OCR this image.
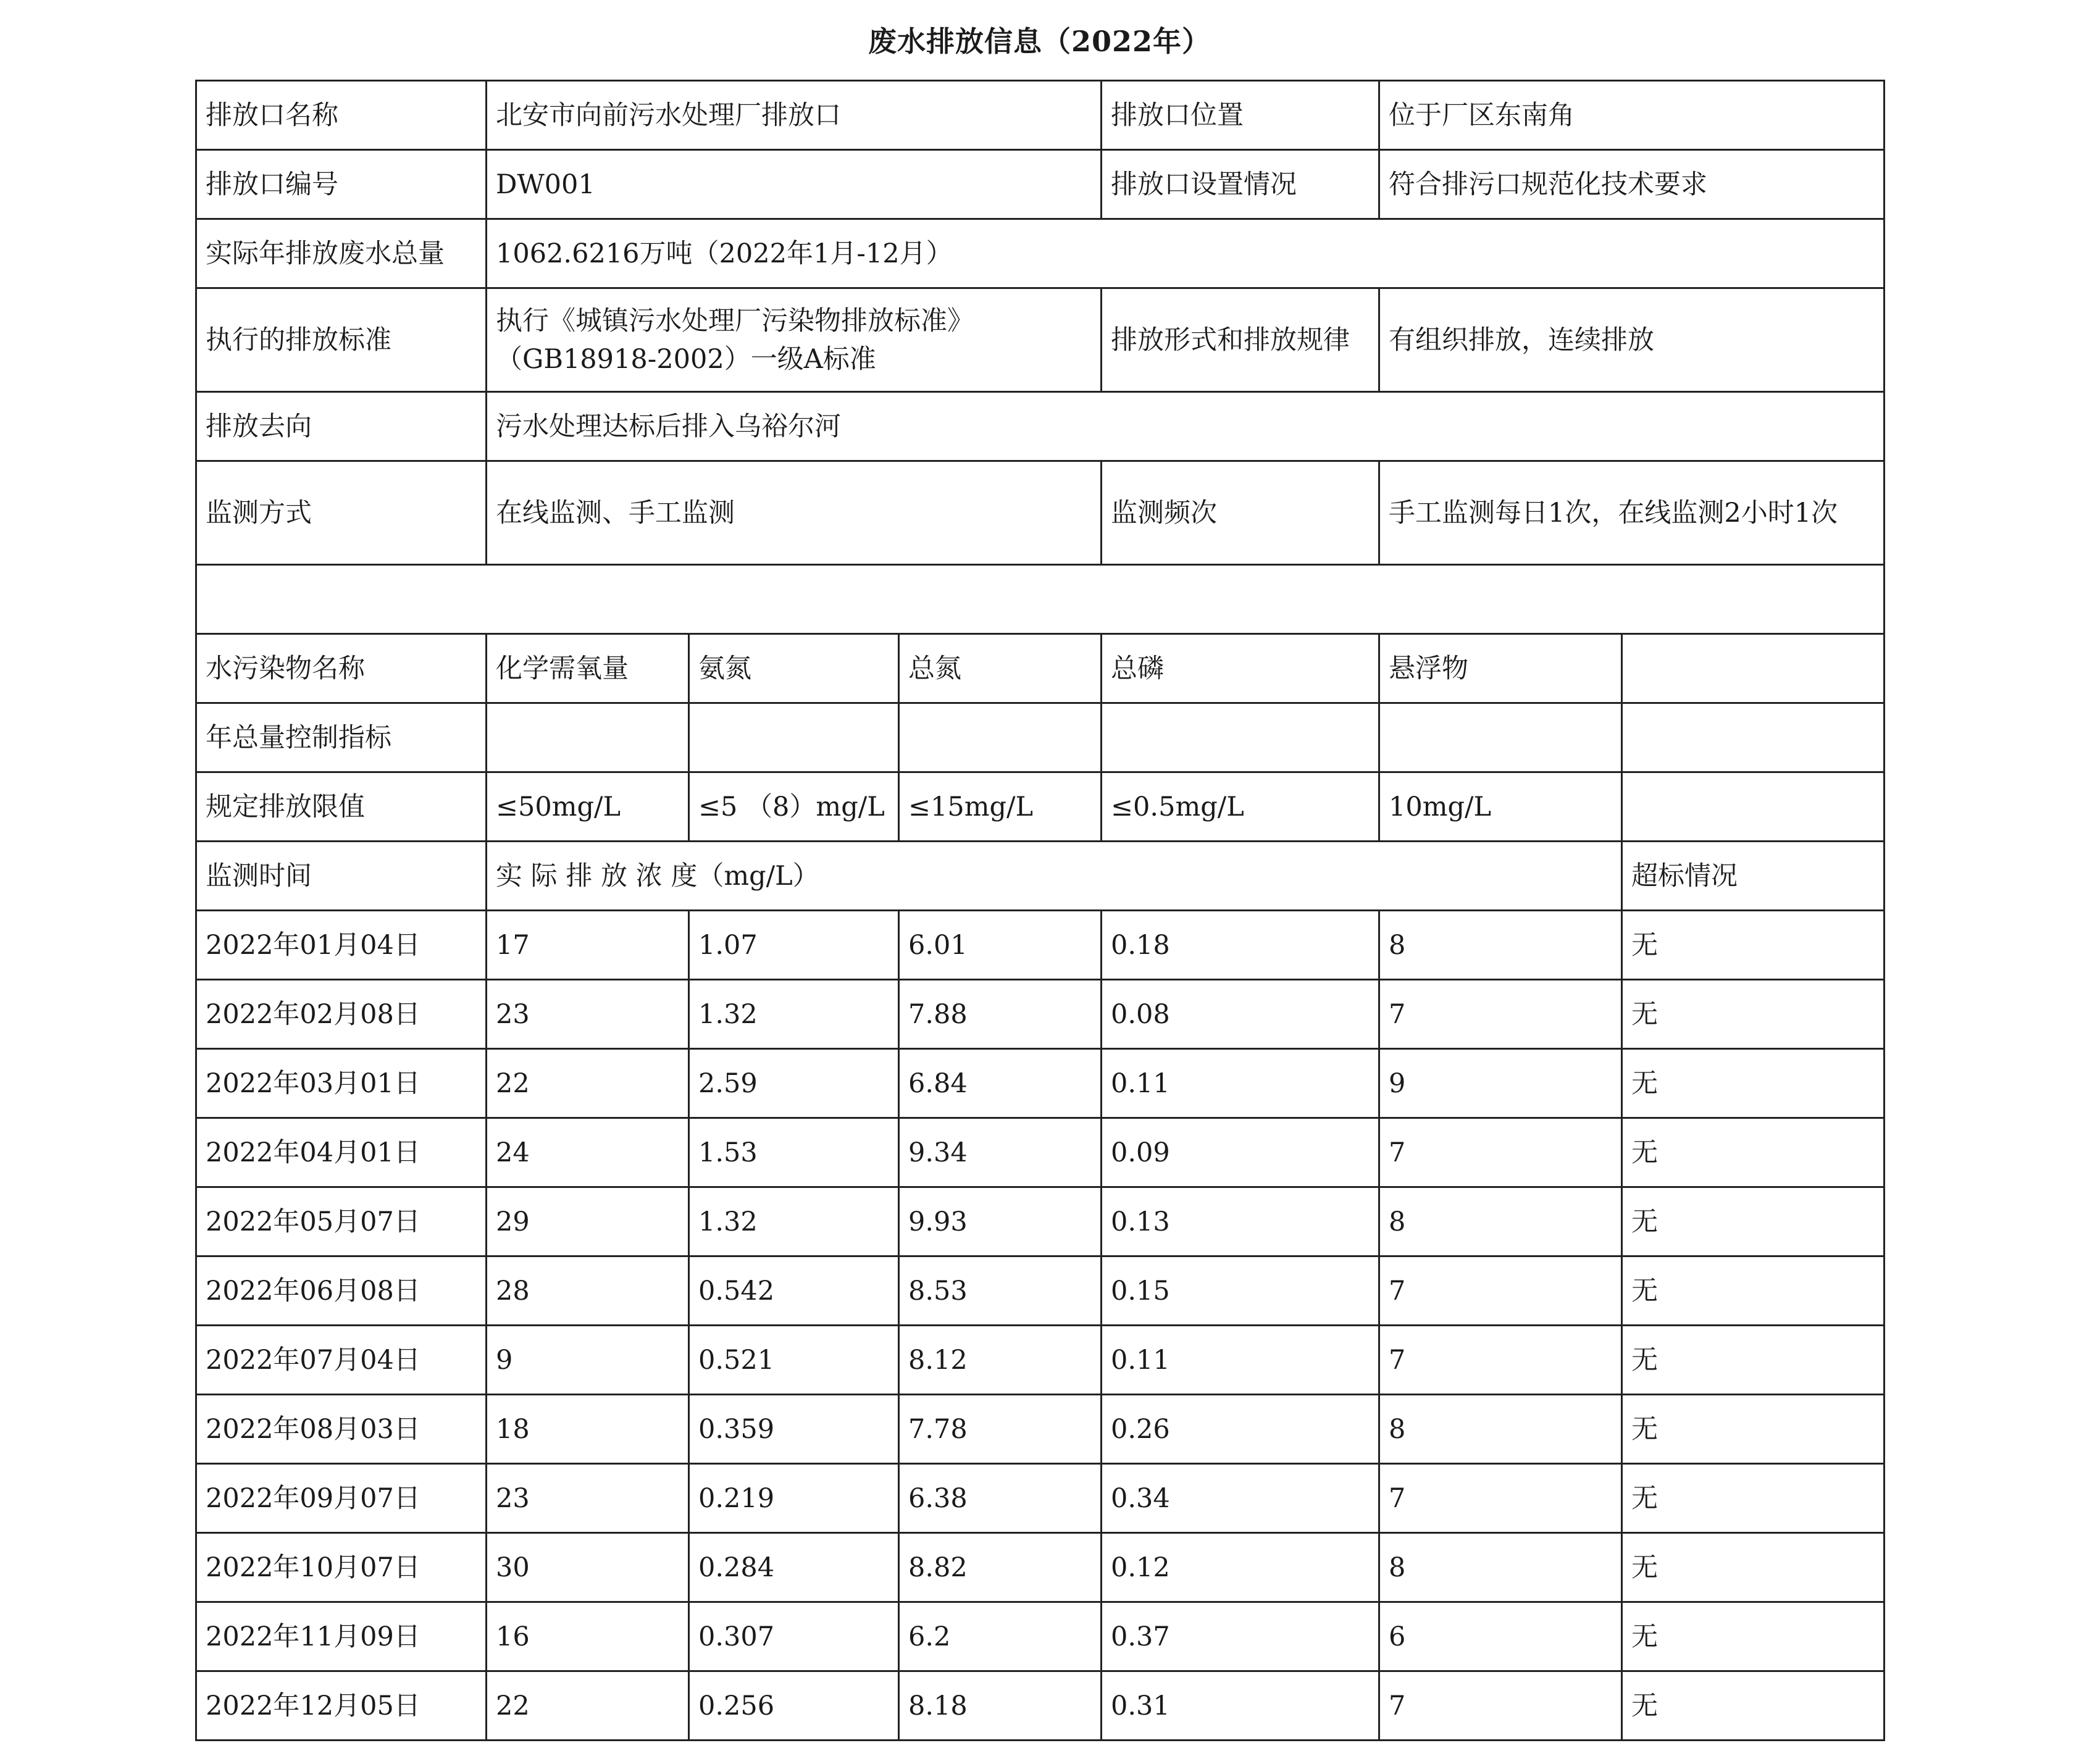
废水排放信息（2022年）
排放口名称	北安市向前污水处理厂排放口			排放口位置	位于厂区东南角	
排放口编号	DW001			排放口设置情况	符合排污口规范化技术要求	
实际年排放废水总量	1062.6216万吨（2022年1月-12月）					
执行的排放标准	执行《城镇污水处理厂污染物排放标准》（GB18918-2002）一级A标准			排放形式和排放规律	有组织排放，连续排放	
排放去向	污水处理达标后排入乌裕尔河					
监测方式	在线监测、手工监测			监测频次	手工监测每日1次，在线监测2小时1次	

水污染物名称	化学需氧量	氨氮	总氮	总磷	悬浮物	
年总量控制指标						
规定排放限值	≤50mg/L	≤5 （8）mg/L	≤15mg/L	≤0.5mg/L	10mg/L	
监测时间	实 际 排 放 浓 度（mg/L）					超标情况
2022年01月04日	17	1.07	6.01	0.18	8	无
2022年02月08日	23	1.32	7.88	0.08	7	无
2022年03月01日	22	2.59	6.84	0.11	9	无
2022年04月01日	24	1.53	9.34	0.09	7	无
2022年05月07日	29	1.32	9.93	0.13	8	无
2022年06月08日	28	0.542	8.53	0.15	7	无
2022年07月04日	9	0.521	8.12	0.11	7	无
2022年08月03日	18	0.359	7.78	0.26	8	无
2022年09月07日	23	0.219	6.38	0.34	7	无
2022年10月07日	30	0.284	8.82	0.12	8	无
2022年11月09日	16	0.307	6.2	0.37	6	无
2022年12月05日	22	0.256	8.18	0.31	7	无
